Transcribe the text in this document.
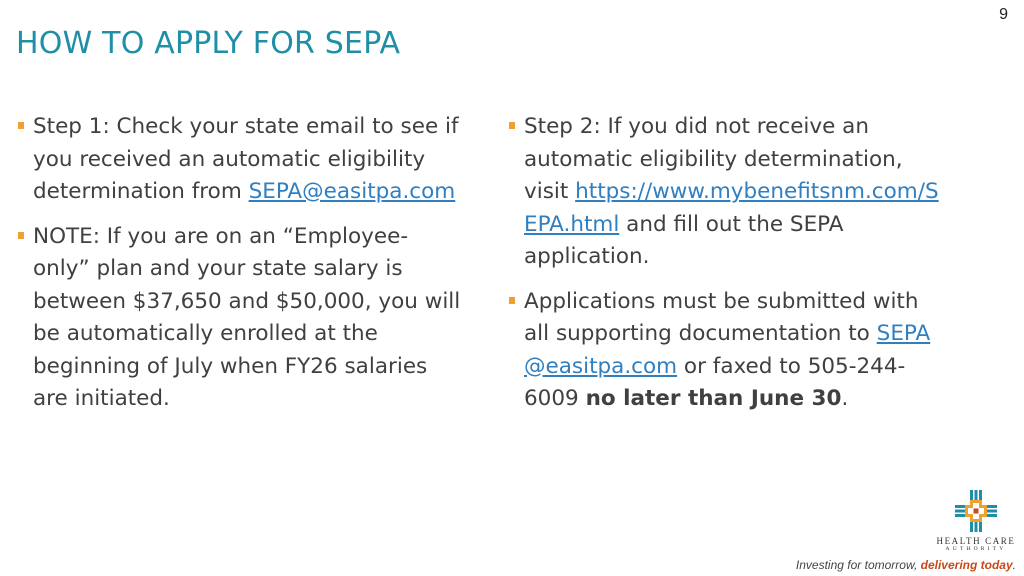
9
HOW TO APPLY FOR SEPA
Step 1: Check your state email to see if you received an automatic eligibility determination from SEPA@easitpa.com
NOTE: If you are on an “Employee-only” plan and your state salary is between $37,650 and $50,000, you will be automatically enrolled at the beginning of July when FY26 salaries are initiated.
Step 2: If you did not receive an automatic eligibility determination, visit https://www.mybenefitsnm.com/SEPA.html and fill out the SEPA application.
Applications must be submitted with all supporting documentation to SEPA@easitpa.com or faxed to 505-244-6009 no later than June 30.
HEALTH CARE
AUTHORITY
Investing for tomorrow, delivering today.
